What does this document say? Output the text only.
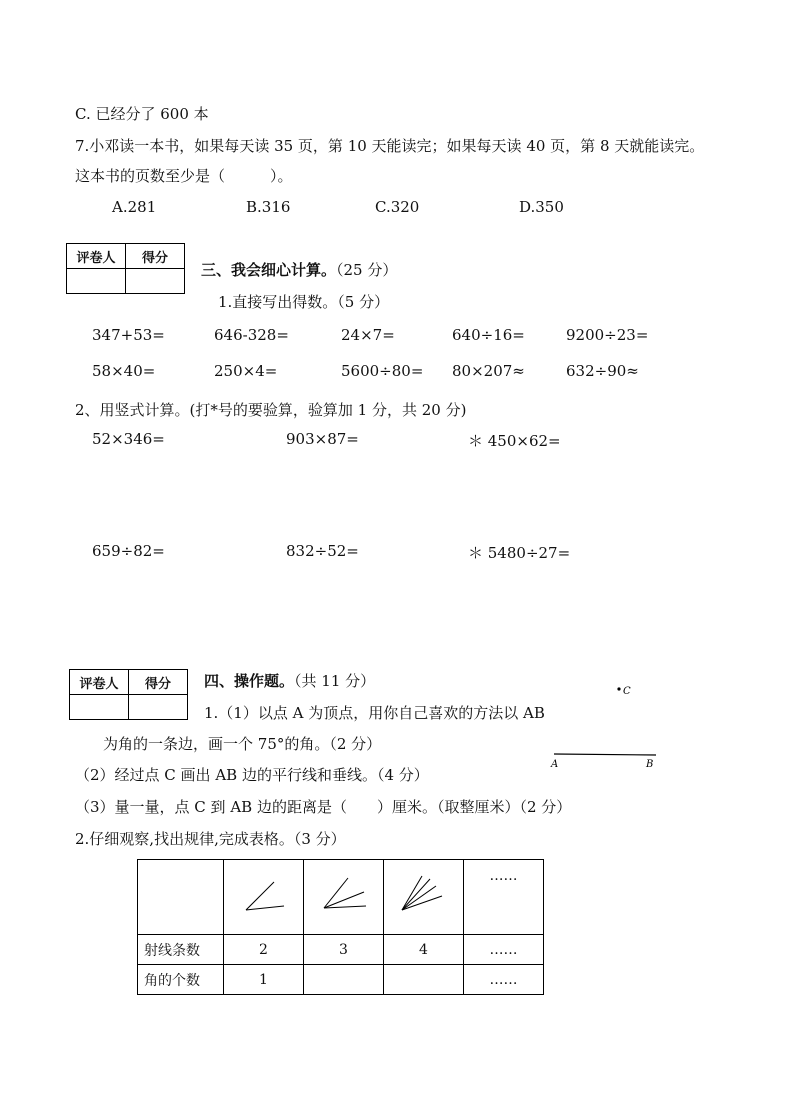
C. 已经分了 600 本
7.小邓读一本书，如果每天读 35 页，第 10 天能读完；如果每天读 40 页，第 8 天就能读完。
这本书的页数至少是（　　　）。
A.281	B.316	C.320	D.350
评卷人	得分

三、我会细心计算。（25 分）
1.直接写出得数。（5 分）
347+53=	646-328=	24×7=	640÷16=	9200÷23=
58×40=	250×4=	5600÷80= 80×207≈	632÷90≈
2、用竖式计算。(打*号的要验算，验算加 1 分，共 20 分)
52×346=	903×87=	＊ 450×62=
659÷82=	832÷52=	＊ 5480÷27=
评卷人	得分
	四、操作题。（共 11 分）
1.（1）以点 A 为顶点，用你自己喜欢的方法以 AB
为角的一条边，画一个 75°的角。（2 分）
（2）经过点 C 画出 AB 边的平行线和垂线。（4 分）
（3）量一量，点 C 到 AB 边的距离是（　　）厘米。（取整厘米）（2 分）
C
A	B
2.仔细观察,找出规律,完成表格。（3 分）
				……
射线条数	2	3	4	……
角的个数	1			……
